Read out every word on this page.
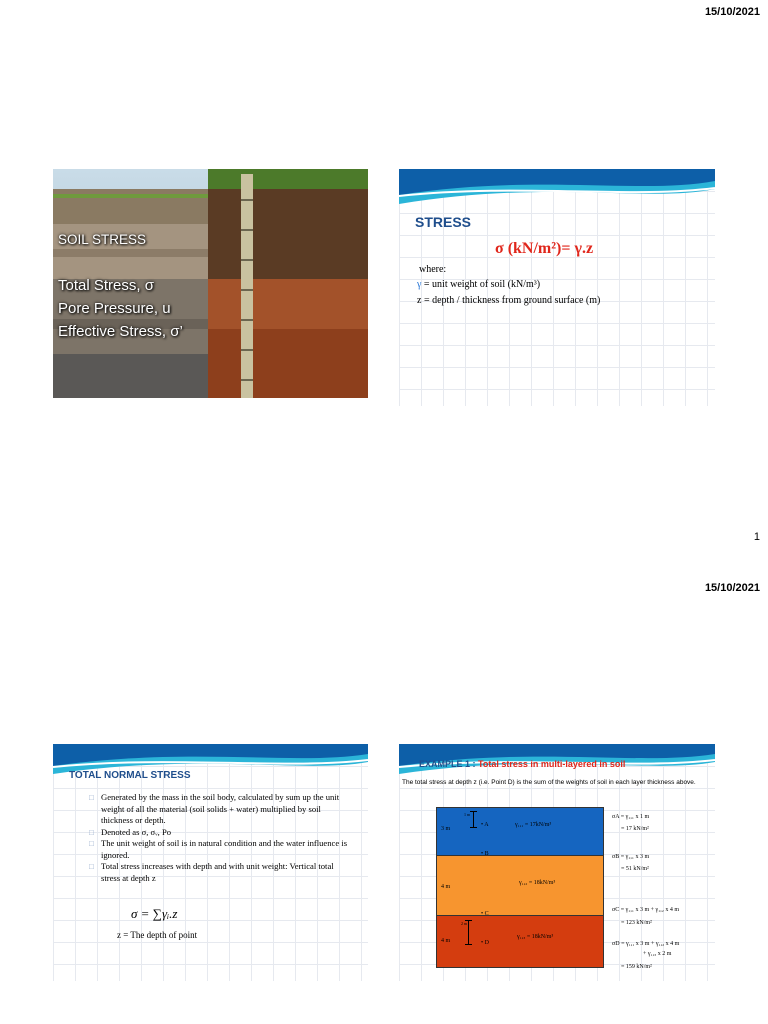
15/10/2021
SOIL STRESS
Total Stress, σ
Pore Pressure, u
Effective Stress, σ’
STRESS
σ (kN/m²)= γ.z
where:
γ = unit weight of soil (kN/m³)
z = depth / thickness from ground surface (m)
1
15/10/2021
TOTAL NORMAL STRESS
□ Generated by the mass in the soil body, calculated by sum up the unit weight of all the material (soil solids + water) multiplied by soil thickness or depth.
□ Denoted as σ, σᵥ, Po
□ The unit weight of soil is in natural condition and the water influence is ignored.
□ Total stress increases with depth and with unit weight: Vertical total stress at depth z
σ = ∑γᵢ.z
z = The depth of point
EXAMPLE 1 : Total stress in multi-layered in soil
The total stress at depth z (i.e. Point D) is the sum of the weights of soil in each layer thickness above.
3 m
4 m
4 m
γ₁,₁ = 17kN/m³
γ₁,₂ = 18kN/m³
γ₁,₃ = 18kN/m³
1 m
2 m
• A
• B
• C
• D
σA = γ₁,₁ x 1 m
= 17 kN/m²
σB = γ₁,₁ x 3 m
= 51 kN/m²
σC = γ₁,₁ x 3 m + γ₁,₂ x 4 m
= 123 kN/m²
σD = γ₁,₁ x 3 m + γ₁,₂ x 4 m
+ γ₁,₃ x 2 m
= 159 kN/m²
